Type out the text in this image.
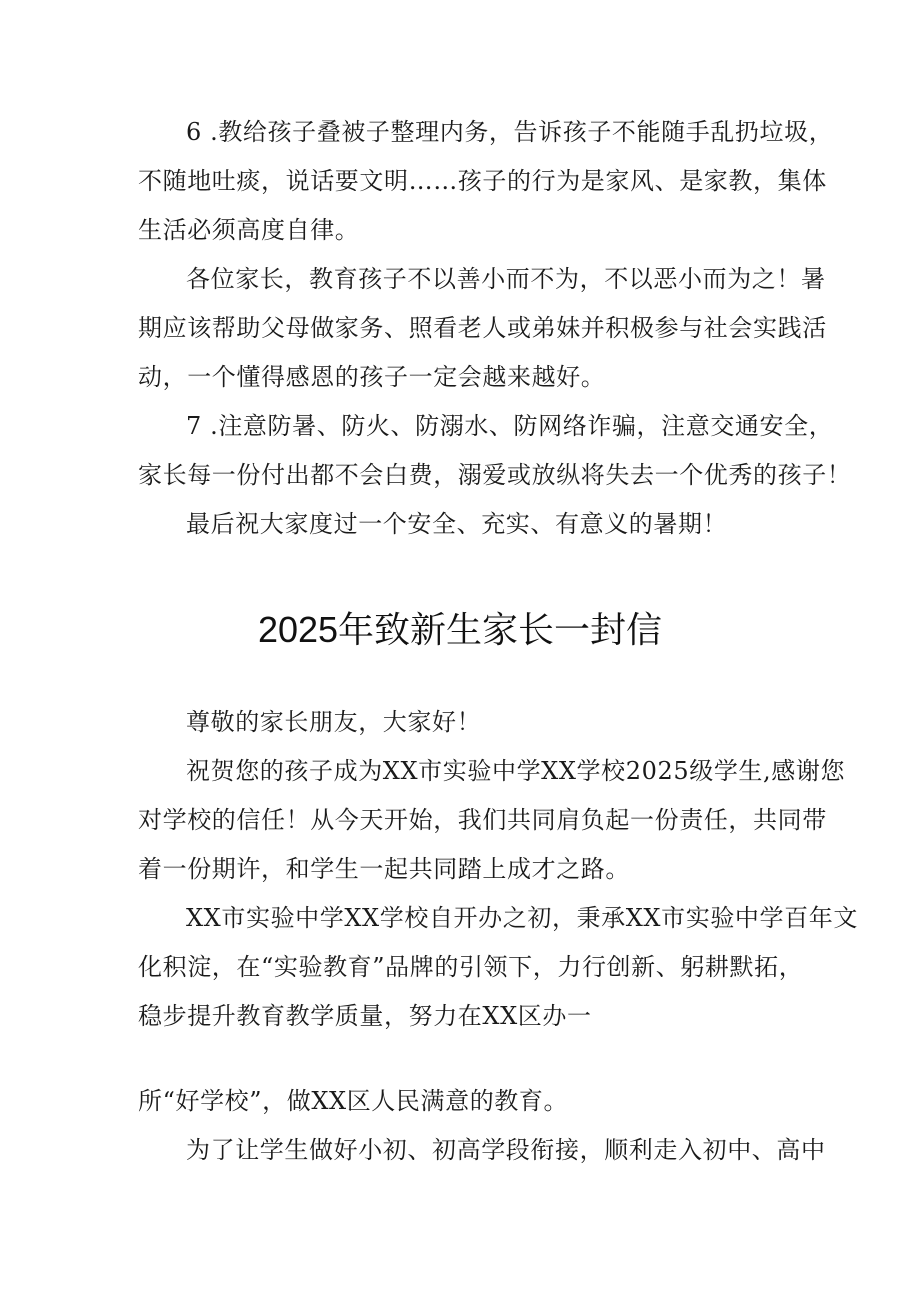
6 .教给孩子叠被子整理内务，告诉孩子不能随手乱扔垃圾，
不随地吐痰，说话要文明……孩子的行为是家风、是家教，集体
生活必须高度自律。
各位家长，教育孩子不以善小而不为，不以恶小而为之！暑
期应该帮助父母做家务、照看老人或弟妹并积极参与社会实践活
动，一个懂得感恩的孩子一定会越来越好。
7 .注意防暑、防火、防溺水、防网络诈骗，注意交通安全，
家长每一份付出都不会白费，溺爱或放纵将失去一个优秀的孩子！
最后祝大家度过一个安全、充实、有意义的暑期！
2025年致新生家长一封信
尊敬的家长朋友，大家好！
祝贺您的孩子成为XX市实验中学XX学校2025级学生,感谢您
对学校的信任！从今天开始，我们共同肩负起一份责任，共同带
着一份期许，和学生一起共同踏上成才之路。
XX市实验中学XX学校自开办之初，秉承XX市实验中学百年文
化积淀，在“实验教育”品牌的引领下，力行创新、躬耕默拓，
稳步提升教育教学质量，努力在XX区办一
所“好学校”，做XX区人民满意的教育。
为了让学生做好小初、初高学段衔接，顺利走入初中、高中
